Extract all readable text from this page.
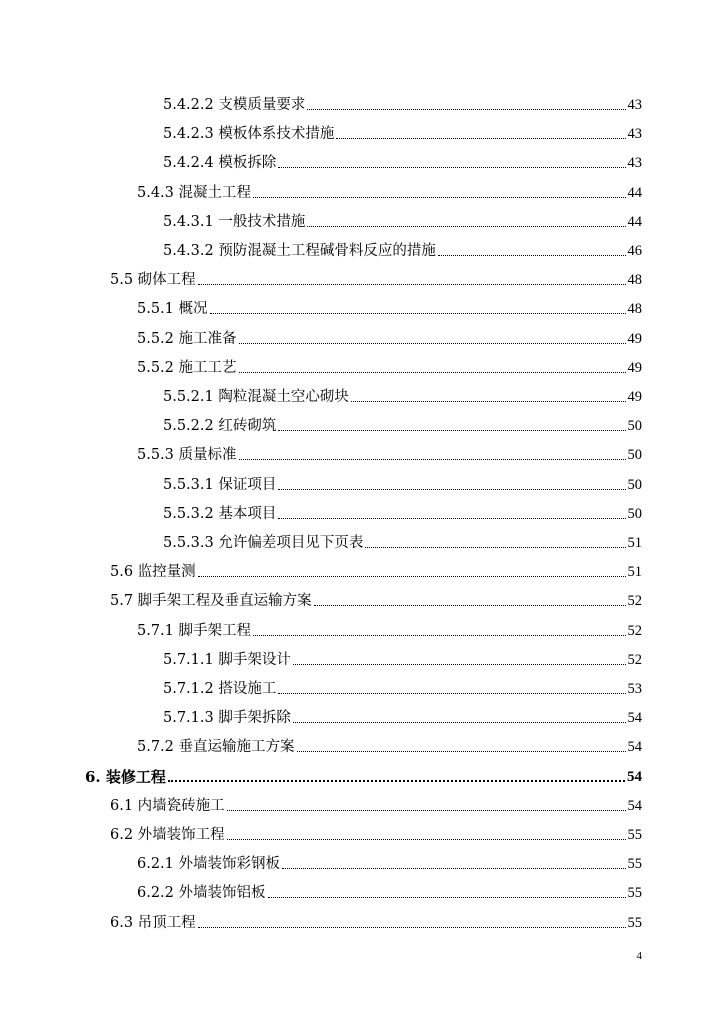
5.4.2.2 支模质量要求	43
5.4.2.3 模板体系技术措施	43
5.4.2.4 模板拆除	43
5.4.3 混凝土工程	44
5.4.3.1 一般技术措施	44
5.4.3.2 预防混凝土工程碱骨料反应的措施	46
5.5 砌体工程	48
5.5.1 概况	48
5.5.2 施工准备	49
5.5.2 施工工艺	49
5.5.2.1 陶粒混凝土空心砌块	49
5.5.2.2 红砖砌筑	50
5.5.3 质量标准	50
5.5.3.1 保证项目	50
5.5.3.2 基本项目	50
5.5.3.3 允许偏差项目见下页表	51
5.6 监控量测	51
5.7 脚手架工程及垂直运输方案	52
5.7.1 脚手架工程	52
5.7.1.1 脚手架设计	52
5.7.1.2 搭设施工	53
5.7.1.3 脚手架拆除	54
5.7.2 垂直运输施工方案	54
6. 装修工程	54
6.1 内墙瓷砖施工	54
6.2 外墙装饰工程	55
6.2.1 外墙装饰彩钢板	55
6.2.2 外墙装饰铝板	55
6.3 吊顶工程	55
4
